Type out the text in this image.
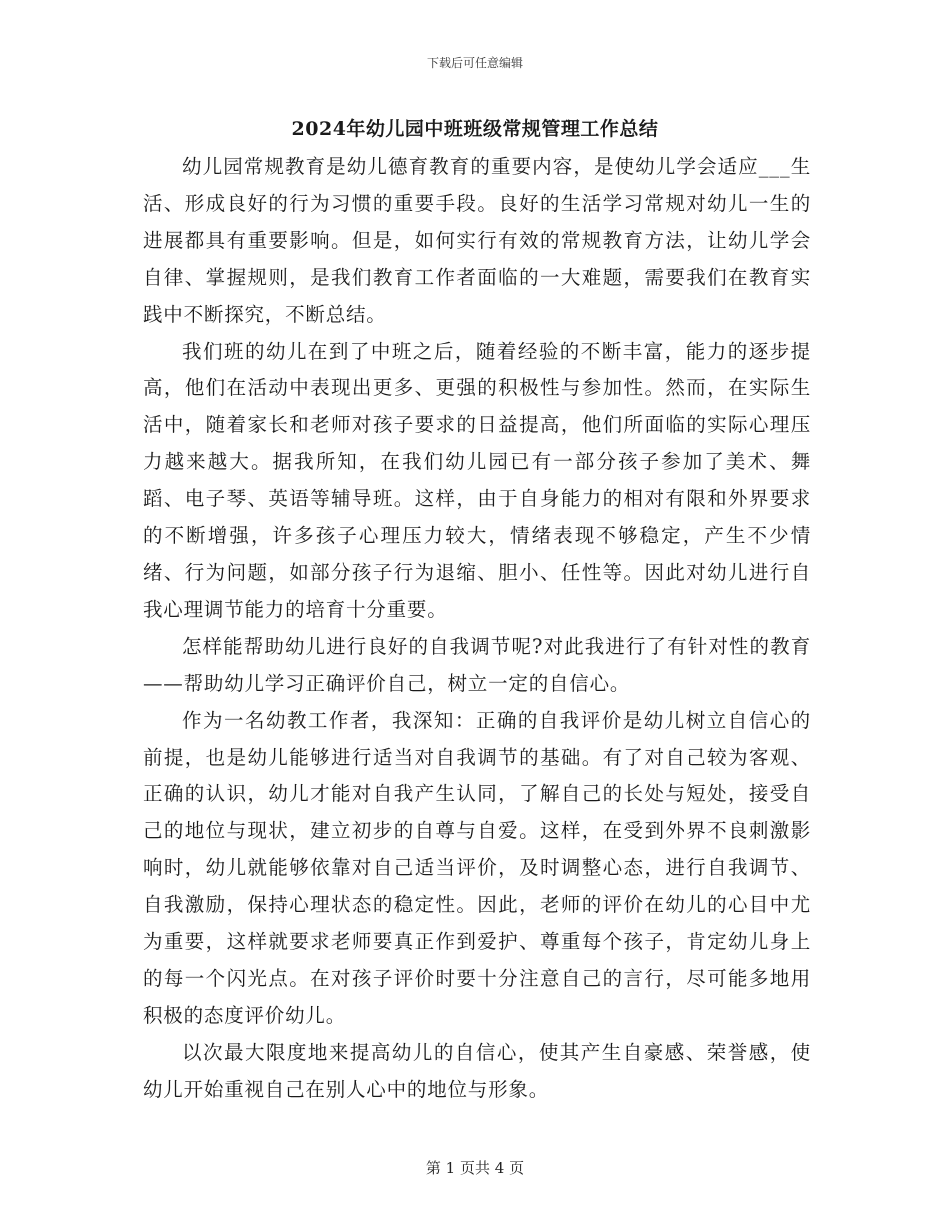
下载后可任意编辑
2024年幼儿园中班班级常规管理工作总结

幼儿园常规教育是幼儿德育教育的重要内容，是使幼儿学会适应___生活、形成良好的行为习惯的重要手段。良好的生活学习常规对幼儿一生的进展都具有重要影响。但是，如何实行有效的常规教育方法，让幼儿学会自律、掌握规则，是我们教育工作者面临的一大难题，需要我们在教育实践中不断探究，不断总结。

我们班的幼儿在到了中班之后，随着经验的不断丰富，能力的逐步提高，他们在活动中表现出更多、更强的积极性与参加性。然而，在实际生活中，随着家长和老师对孩子要求的日益提高，他们所面临的实际心理压力越来越大。据我所知，在我们幼儿园已有一部分孩子参加了美术、舞蹈、电子琴、英语等辅导班。这样，由于自身能力的相对有限和外界要求的不断增强，许多孩子心理压力较大，情绪表现不够稳定，产生不少情绪、行为问题，如部分孩子行为退缩、胆小、任性等。因此对幼儿进行自我心理调节能力的培育十分重要。

怎样能帮助幼儿进行良好的自我调节呢?对此我进行了有针对性的教育——帮助幼儿学习正确评价自己，树立一定的自信心。

作为一名幼教工作者，我深知：正确的自我评价是幼儿树立自信心的前提，也是幼儿能够进行适当对自我调节的基础。有了对自己较为客观、正确的认识，幼儿才能对自我产生认同，了解自己的长处与短处，接受自己的地位与现状，建立初步的自尊与自爱。这样，在受到外界不良刺激影响时，幼儿就能够依靠对自己适当评价，及时调整心态，进行自我调节、自我激励，保持心理状态的稳定性。因此，老师的评价在幼儿的心目中尤为重要，这样就要求老师要真正作到爱护、尊重每个孩子，肯定幼儿身上的每一个闪光点。在对孩子评价时要十分注意自己的言行，尽可能多地用积极的态度评价幼儿。

以次最大限度地来提高幼儿的自信心，使其产生自豪感、荣誉感，使幼儿开始重视自己在别人心中的地位与形象。

第 1 页共 4 页
